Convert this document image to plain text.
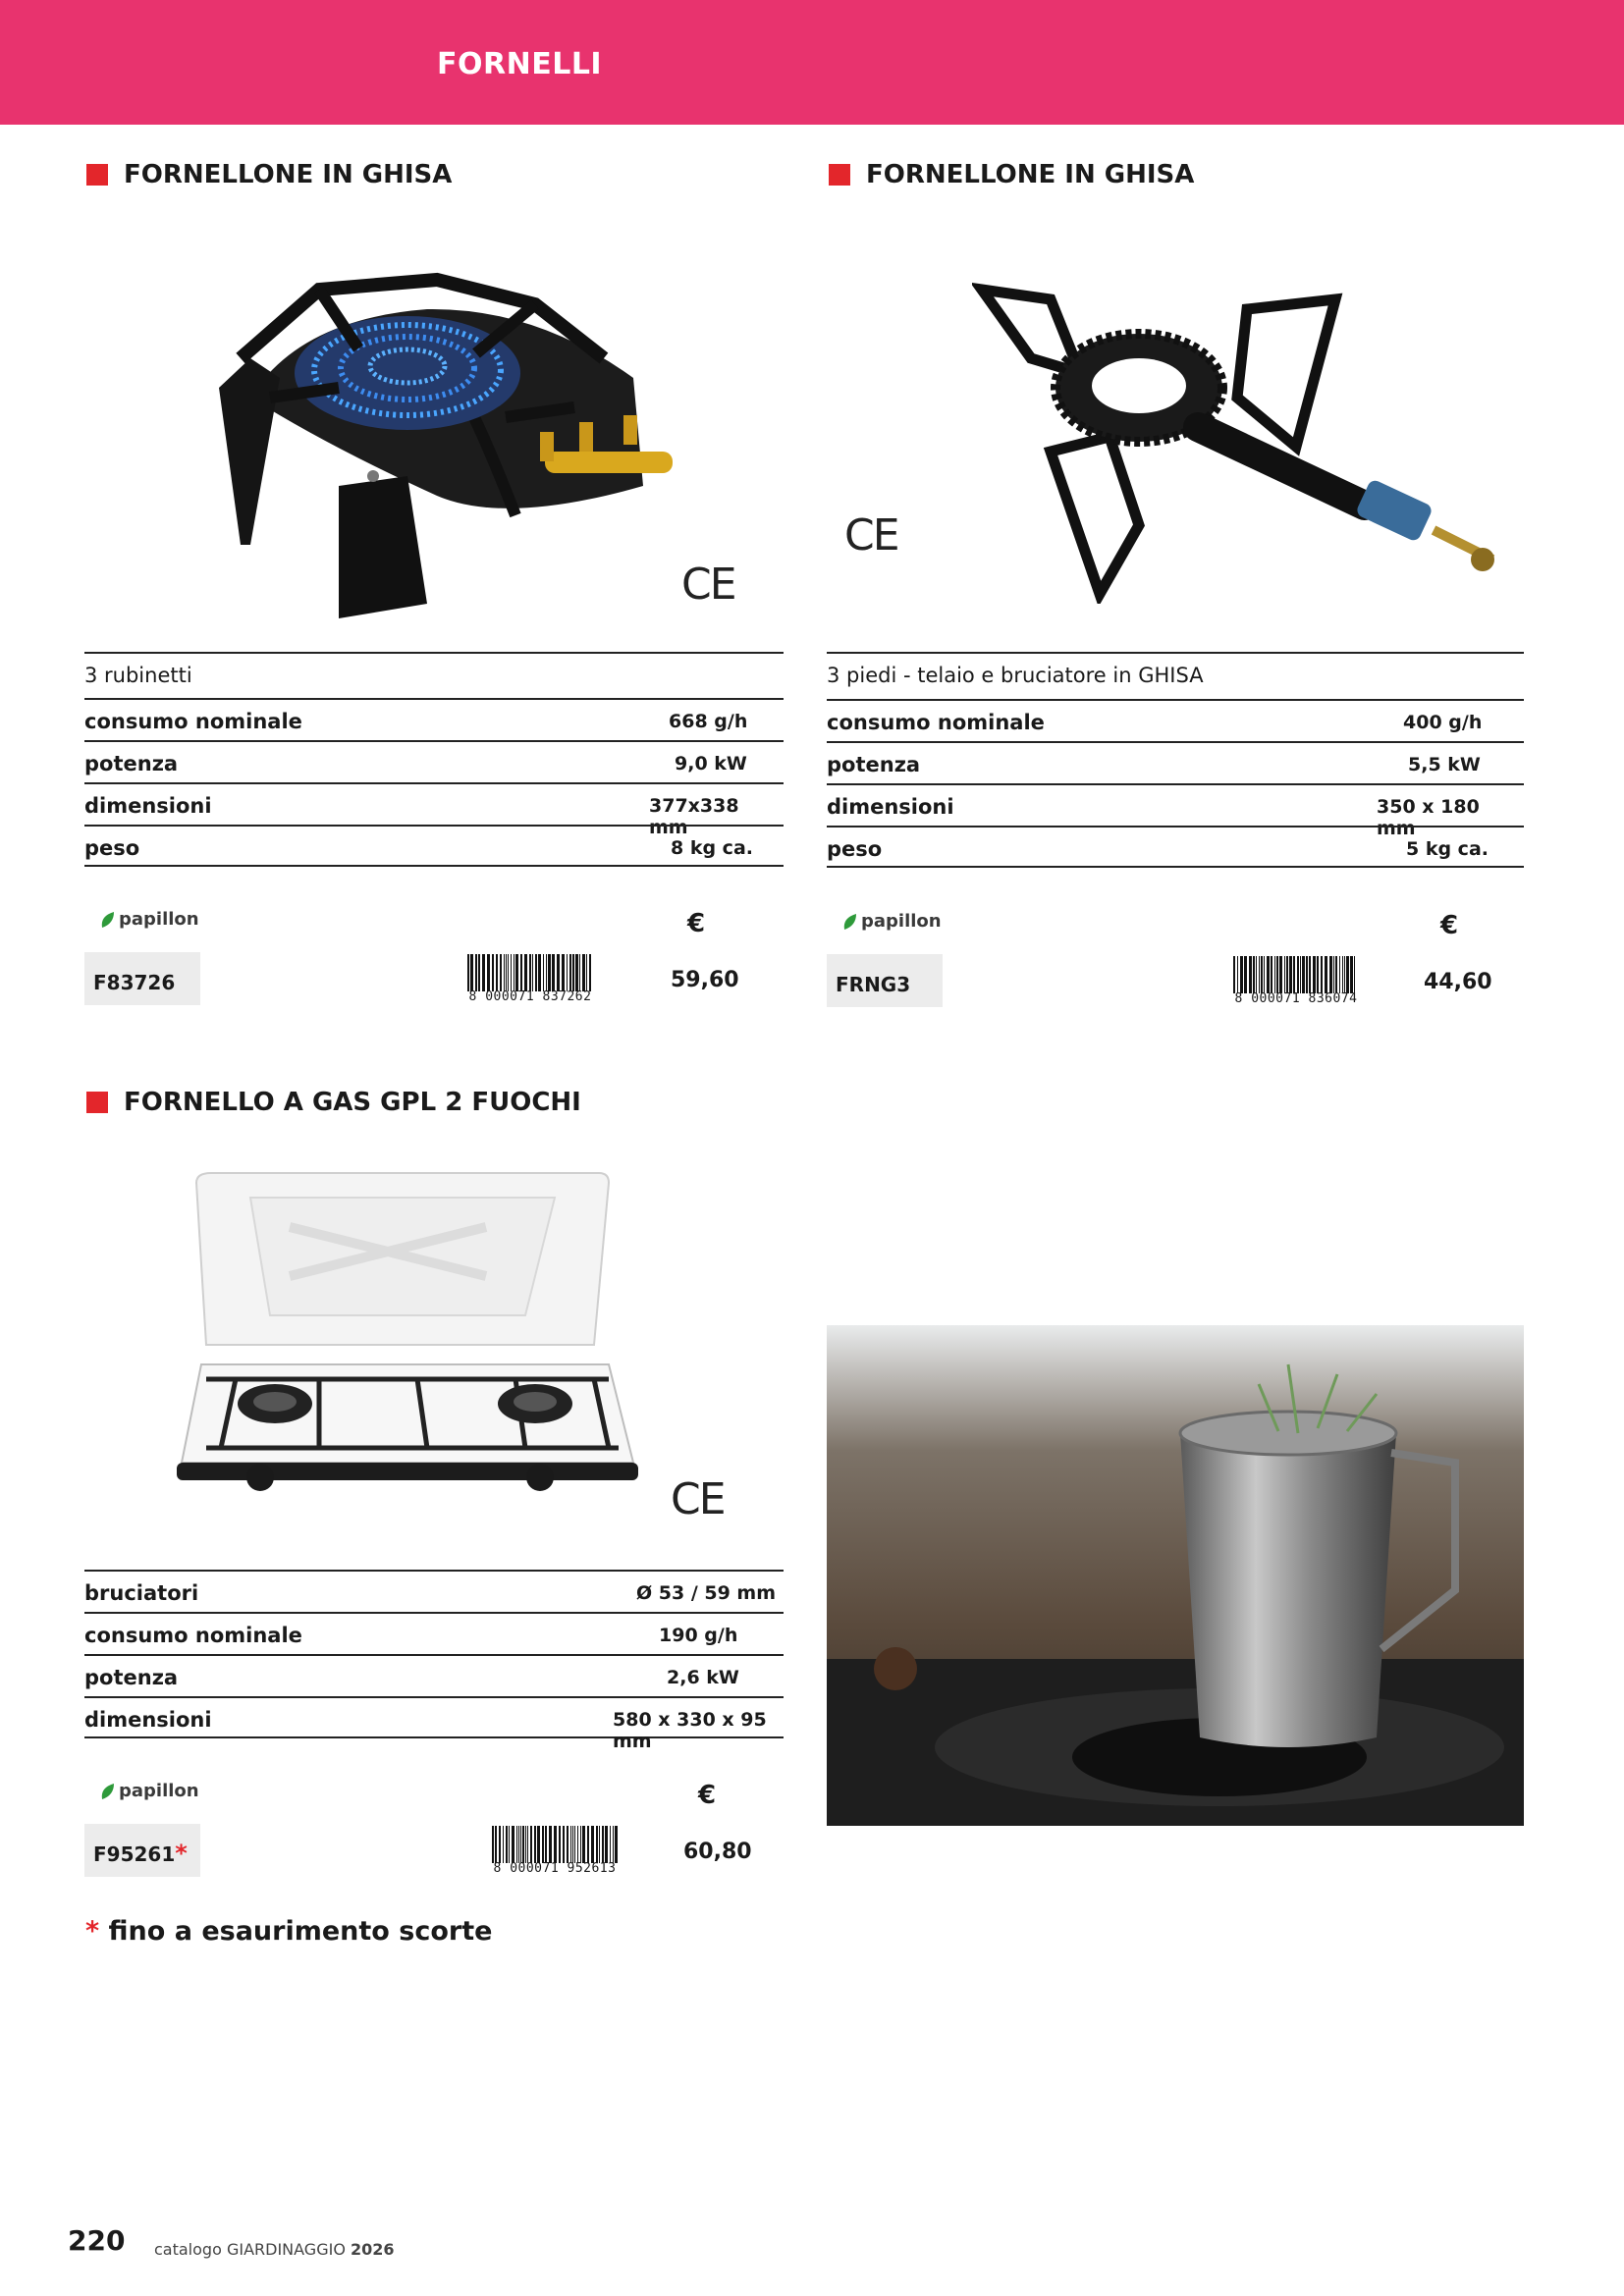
FORNELLI
FORNELLONE IN GHISA
CE
3 rubinetti
consumo nominale	668 g/h
potenza	9,0 kW
dimensioni	377x338 mm
peso	8 kg ca.
papillon	€
F83726
8 000071 837262
59,60
FORNELLONE IN GHISA
CE
3 piedi - telaio e bruciatore in GHISA
consumo nominale	400 g/h
potenza	5,5 kW
dimensioni	350 x 180 mm
peso	5 kg ca.
papillon	€
FRNG3
8 000071 836074
44,60
FORNELLO A GAS GPL 2 FUOCHI
CE
bruciatori	Ø 53 / 59 mm
consumo nominale	190 g/h
potenza	2,6 kW
dimensioni	580 x 330 x 95 mm
papillon	€
F95261*
8 000071 952613
60,80
* fino a esaurimento scorte
220 catalogo GIARDINAGGIO 2026
